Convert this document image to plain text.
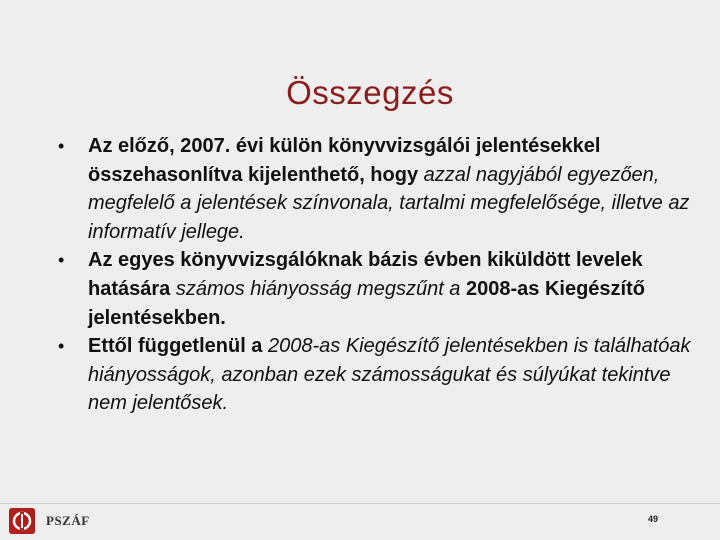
Összegzés
• Az előző, 2007. évi külön könyvvizsgálói jelentésekkel összehasonlítva kijelenthető, hogy azzal nagyjából egyezően, megfelelő a jelentések színvonala, tartalmi megfelelősége, illetve az informatív jellege.
• Az egyes könyvvizsgálóknak bázis évben kiküldött levelek hatására számos hiányosság megszűnt a 2008-as Kiegészítő jelentésekben.
• Ettől függetlenül a 2008-as Kiegészítő jelentésekben is találhatóak hiányosságok, azonban ezek számosságukat és súlyúkat tekintve nem jelentősek.
PSZÁF	49
